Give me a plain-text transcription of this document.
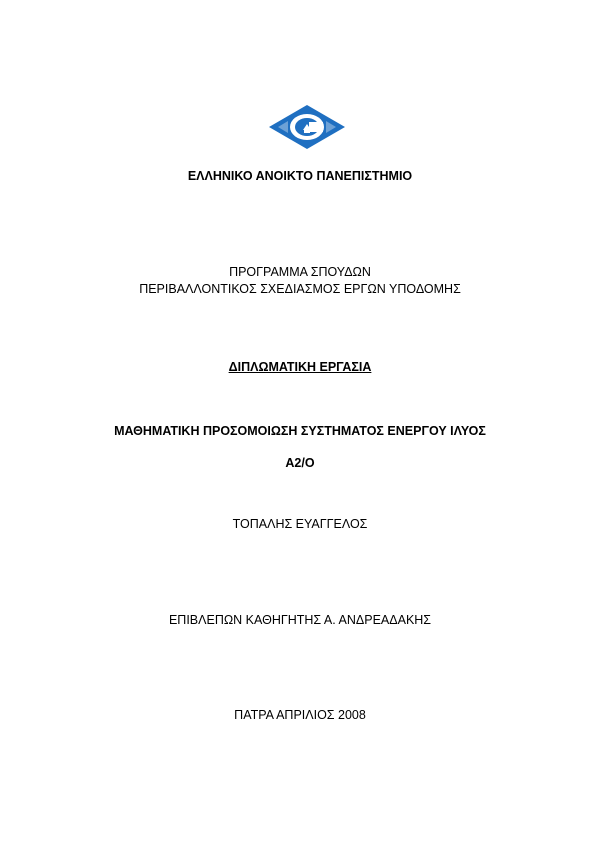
ΕΛΛΗΝΙΚΟ ΑΝΟΙΚΤΟ ΠΑΝΕΠΙΣΤΗΜΙΟ
ΠΡΟΓΡΑΜΜΑ ΣΠΟΥΔΩΝ
ΠΕΡΙΒΑΛΛΟΝΤΙΚΟΣ ΣΧΕΔΙΑΣΜΟΣ ΕΡΓΩΝ ΥΠΟΔΟΜΗΣ
ΔΙΠΛΩΜΑΤΙΚΗ ΕΡΓΑΣΙΑ
ΜΑΘΗΜΑΤΙΚΗ ΠΡΟΣΟΜΟΙΩΣΗ ΣΥΣΤΗΜΑΤΟΣ ΕΝΕΡΓΟΥ ΙΛΥΟΣ
A2/O
ΤΟΠΑΛΗΣ ΕΥΑΓΓΕΛΟΣ
ΕΠΙΒΛΕΠΩΝ ΚΑΘΗΓΗΤΗΣ Α. ΑΝΔΡΕΑΔΑΚΗΣ
ΠΑΤΡΑ ΑΠΡΙΛΙΟΣ 2008
